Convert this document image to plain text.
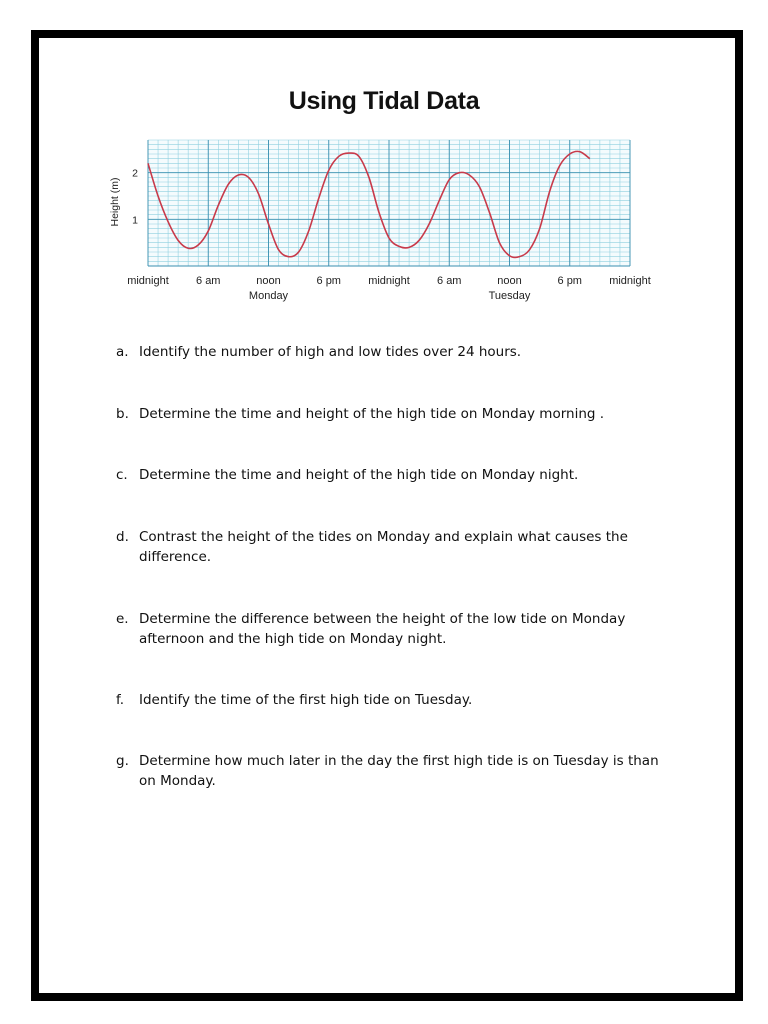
Using Tidal Data
1
2
midnight 6 am	noon	6 pm midnight 6 am	noon	6 pm midnight
Monday	Tuesday
Height (m)
a. Identify the number of high and low tides over 24 hours.
b. Determine the time and height of the high tide on Monday morning .
c. Determine the time and height of the high tide on Monday night.
d. Contrast the height of the tides on Monday and explain what causes the difference.
e. Determine the difference between the height of the low tide on Monday afternoon and the high tide on Monday night.
f.	Identify the time of the first high tide on Tuesday.
g. Determine how much later in the day the first high tide is on Tuesday is than on Monday.
